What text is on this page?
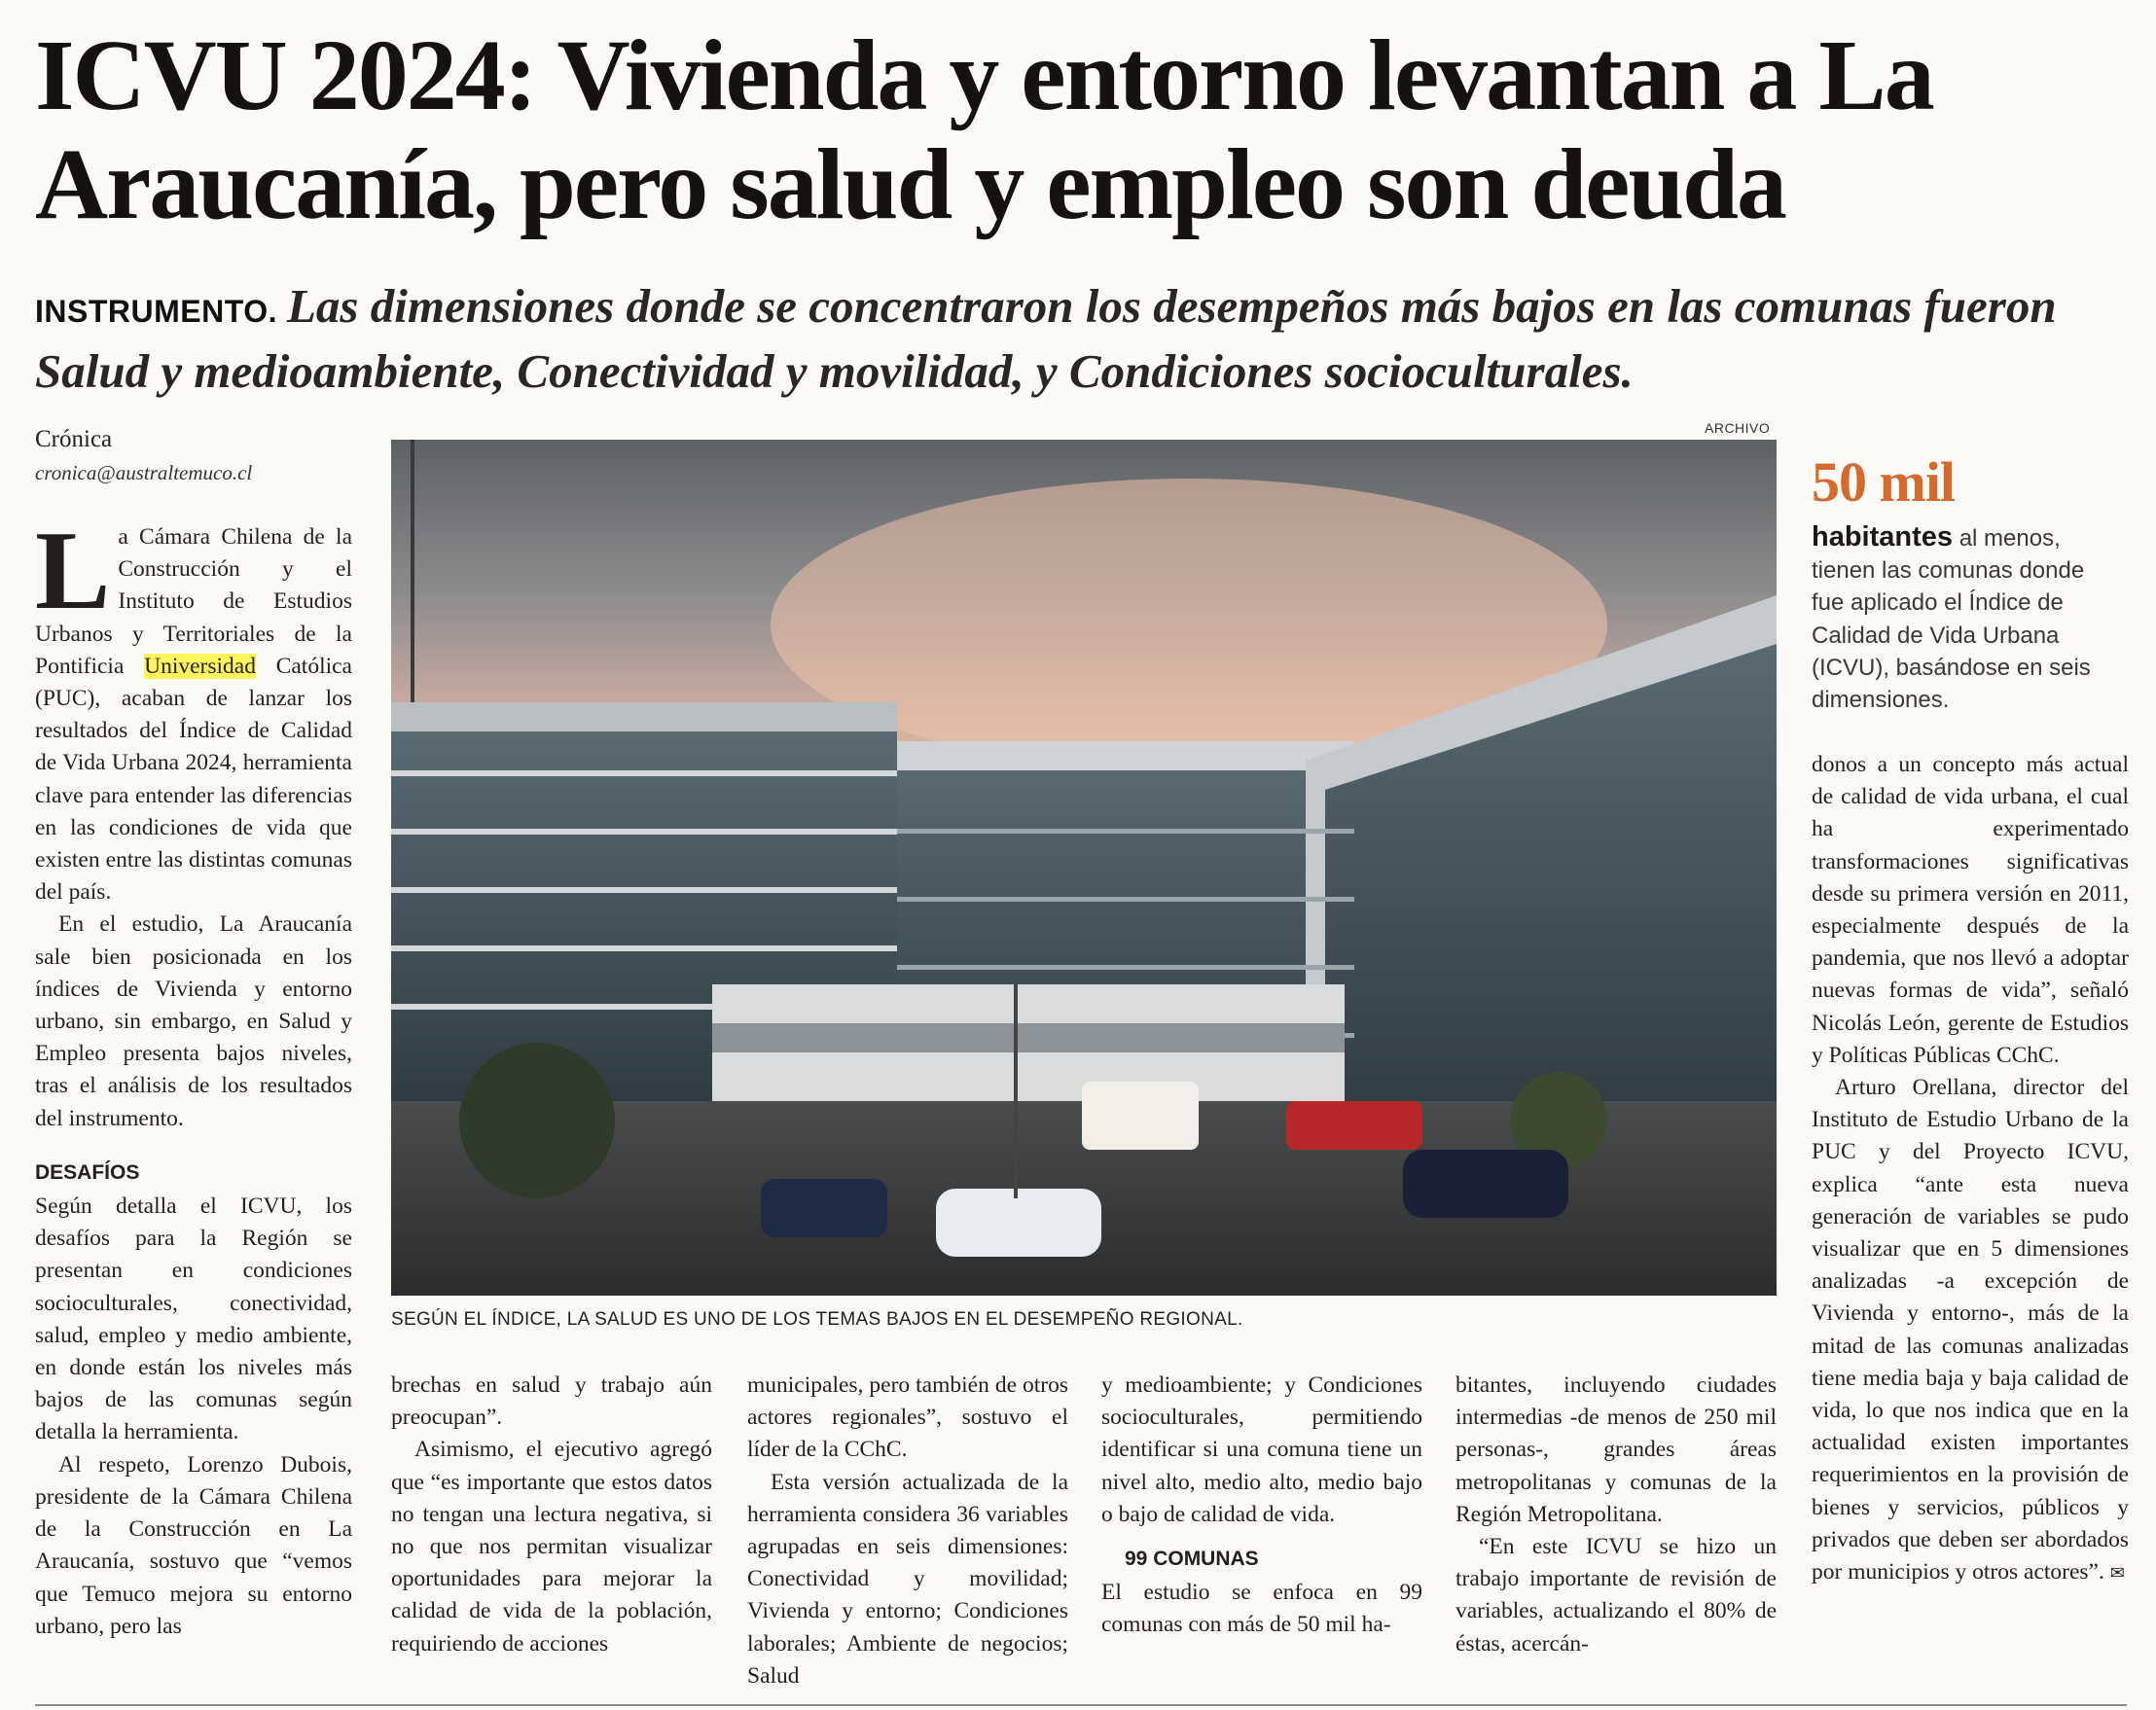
ICVU 2024: Vivienda y entorno levantan a La Araucanía, pero salud y empleo son deuda

INSTRUMENTO. Las dimensiones donde se concentraron los desempeños más bajos en las comunas fueron Salud y medioambiente, Conectividad y movilidad, y Condiciones socioculturales.

Crónica
cronica@australtemuco.cl

La Cámara Chilena de la Construcción y el Instituto de Estudios Urbanos y Territoriales de la Pontificia Universidad Católica (PUC), acaban de lanzar los resultados del Índice de Calidad de Vida Urbana 2024, herramienta clave para entender las diferencias en las condiciones de vida que existen entre las distintas comunas del país.

En el estudio, La Araucanía sale bien posicionada en los índices de Vivienda y entorno urbano, sin embargo, en Salud y Empleo presenta bajos niveles, tras el análisis de los resultados del instrumento.

DESAFÍOS

Según detalla el ICVU, los desafíos para la Región se presentan en condiciones socioculturales, conectividad, salud, empleo y medio ambiente, en donde están los niveles más bajos de las comunas según detalla la herramienta.

Al respeto, Lorenzo Dubois, presidente de la Cámara Chilena de la Construcción en La Araucanía, sostuvo que “vemos que Temuco mejora su entorno urbano, pero las

ARCHIVO
SEGÚN EL ÍNDICE, LA SALUD ES UNO DE LOS TEMAS BAJOS EN EL DESEMPEÑO REGIONAL.
50 mil
habitantes al menos, tienen las comunas donde fue aplicado el Índice de Calidad de Vida Urbana (ICVU), basándose en seis dimensiones.

brechas en salud y trabajo aún preocupan”.

Asimismo, el ejecutivo agregó que “es importante que estos datos no tengan una lectura negativa, si no que nos permitan visualizar oportunidades para mejorar la calidad de vida de la población, requiriendo de acciones

municipales, pero también de otros actores regionales”, sostuvo el líder de la CChC.

Esta versión actualizada de la herramienta considera 36 variables agrupadas en seis dimensiones: Conectividad y movilidad; Vivienda y entorno; Condiciones laborales; Ambiente de negocios; Salud

y medioambiente; y Condiciones socioculturales, permitiendo identificar si una comuna tiene un nivel alto, medio alto, medio bajo o bajo de calidad de vida.

99 COMUNAS

El estudio se enfoca en 99 comunas con más de 50 mil ha-

bitantes, incluyendo ciudades intermedias -de menos de 250 mil personas-, grandes áreas metropolitanas y comunas de la Región Metropolitana.

“En este ICVU se hizo un trabajo importante de revisión de variables, actualizando el 80% de éstas, acercán-

donos a un concepto más actual de calidad de vida urbana, el cual ha experimentado transformaciones significativas desde su primera versión en 2011, especialmente después de la pandemia, que nos llevó a adoptar nuevas formas de vida”, señaló Nicolás León, gerente de Estudios y Políticas Públicas CChC.

Arturo Orellana, director del Instituto de Estudio Urbano de la PUC y del Proyecto ICVU, explica “ante esta nueva generación de variables se pudo visualizar que en 5 dimensiones analizadas -a excepción de Vivienda y entorno-, más de la mitad de las comunas analizadas tiene media baja y baja calidad de vida, lo que nos indica que en la actualidad existen importantes requerimientos en la provisión de bienes y servicios, públicos y privados que deben ser abordados por municipios y otros actores”. ✉
